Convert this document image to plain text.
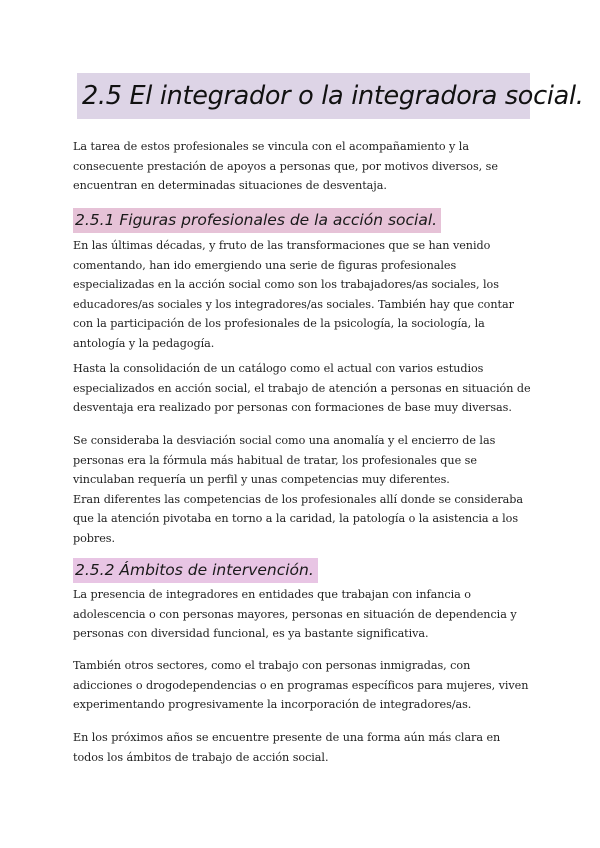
2.5 El integrador o la integradora social.
La tarea de estos profesionales se vincula con el acompañamiento y la
consecuente prestación de apoyos a personas que, por motivos diversos, se
encuentran en determinadas situaciones de desventaja.
2.5.1 Figuras profesionales de la acción social.
En las últimas décadas, y fruto de las transformaciones que se han venido
comentando, han ido emergiendo una serie de figuras profesionales
especializadas en la acción social como son los trabajadores/as sociales, los
educadores/as sociales y los integradores/as sociales. También hay que contar
con la participación de los profesionales de la psicología, la sociología, la
antología y la pedagogía.
Hasta la consolidación de un catálogo como el actual con varios estudios
especializados en acción social, el trabajo de atención a personas en situación de
desventaja era realizado por personas con formaciones de base muy diversas.
Se consideraba la desviación social como una anomalía y el encierro de las
personas era la fórmula más habitual de tratar, los profesionales que se
vinculaban requería un perfil y unas competencias muy diferentes.
Eran diferentes las competencias de los profesionales allí donde se consideraba
que la atención pivotaba en torno a la caridad, la patología o la asistencia a los
pobres.
2.5.2 Ámbitos de intervención.
La presencia de integradores en entidades que trabajan con infancia o
adolescencia o con personas mayores, personas en situación de dependencia y
personas con diversidad funcional, es ya bastante significativa.
También otros sectores, como el trabajo con personas inmigradas, con
adicciones o drogodependencias o en programas específicos para mujeres, viven
experimentando progresivamente la incorporación de integradores/as.
En los próximos años se encuentre presente de una forma aún más clara en
todos los ámbitos de trabajo de acción social.
